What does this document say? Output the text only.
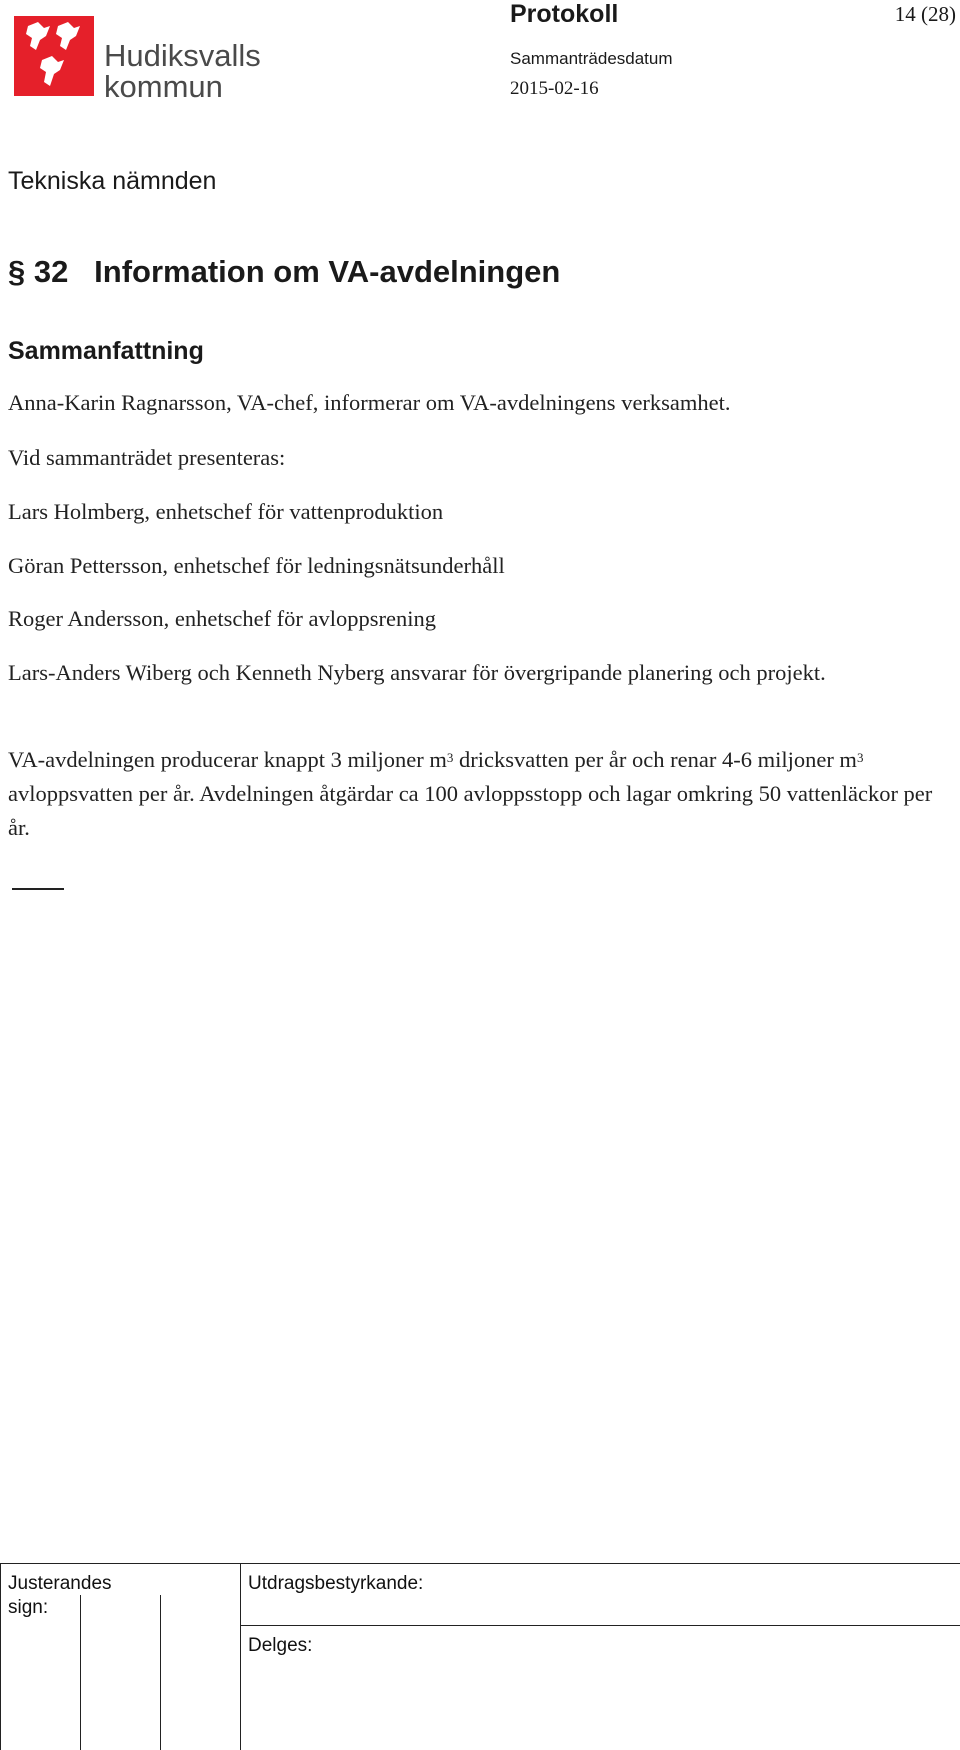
Hudiksvalls
kommun
Protokoll	14 (28)
Sammanträdesdatum
2015-02-16
Tekniska nämnden
§ 32   Information om VA-avdelningen
Sammanfattning
Anna-Karin Ragnarsson, VA-chef, informerar om VA-avdelningens verksamhet.
Vid sammanträdet presenteras:
Lars Holmberg, enhetschef för vattenproduktion
Göran Pettersson, enhetschef för ledningsnätsunderhåll
Roger Andersson, enhetschef för avloppsrening
Lars-Anders Wiberg och Kenneth Nyberg ansvarar för övergripande planering och projekt.
VA-avdelningen producerar knappt 3 miljoner $m^3$ dricksvatten per år och renar 4-6 miljoner $m^3$ avloppsvatten per år. Avdelningen åtgärdar ca 100 avloppsstopp och lagar omkring 50 vattenläckor per år.
Justerandes
sign:
Utdragsbestyrkande:
Delges:
